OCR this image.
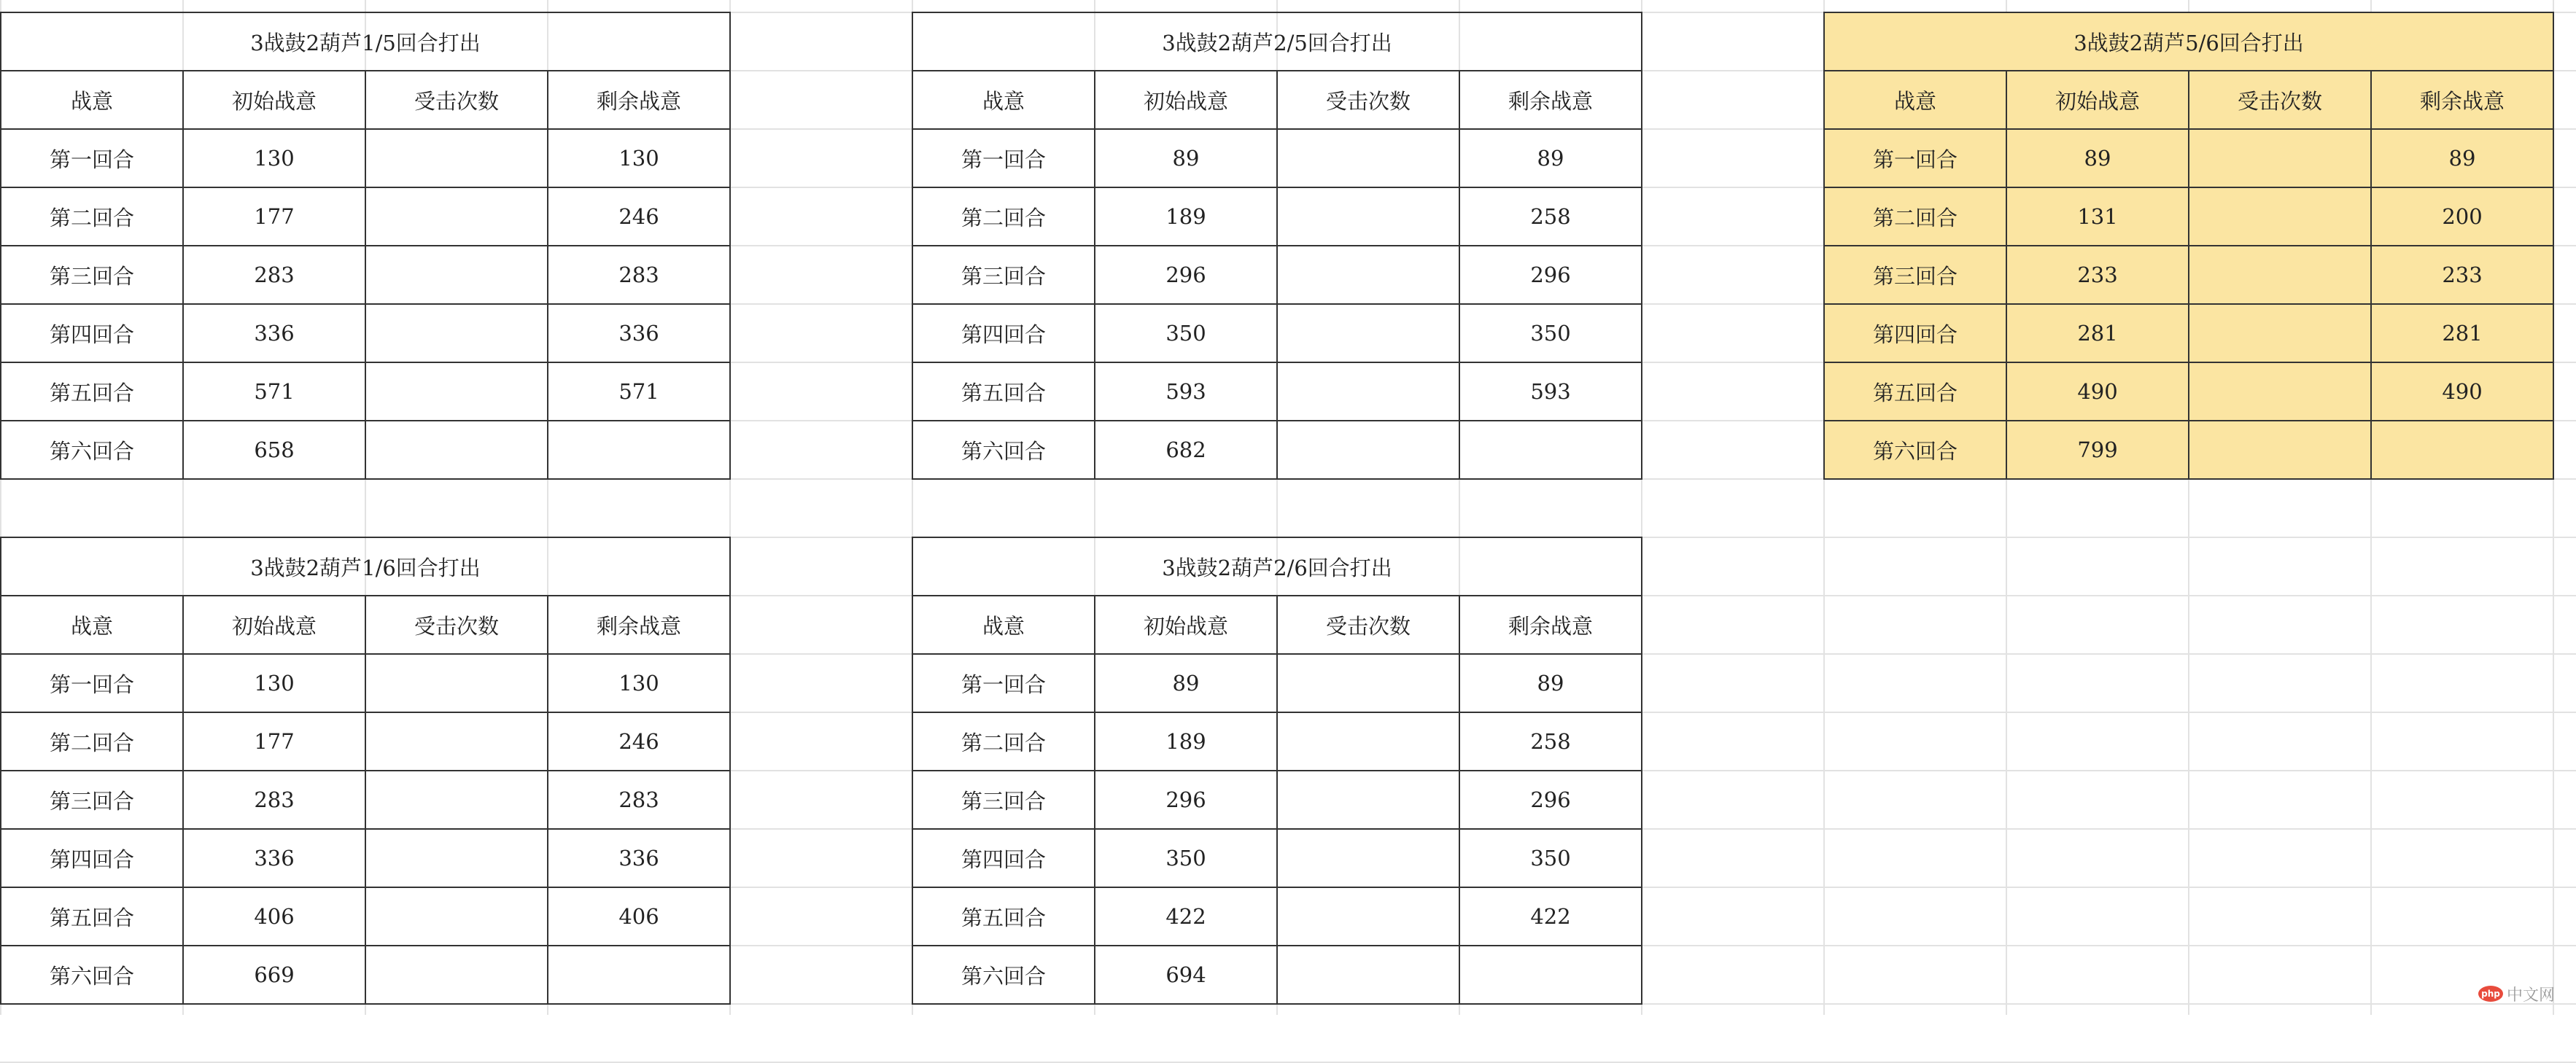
3战鼓2葫芦1/5回合打出			
战意	初始战意	受击次数	剩余战意
第一回合	130		130
第二回合	177		246
第三回合	283		283
第四回合	336		336
第五回合	571		571
第六回合	658		
3战鼓2葫芦2/5回合打出			
战意	初始战意	受击次数	剩余战意
第一回合	89		89
第二回合	189		258
第三回合	296		296
第四回合	350		350
第五回合	593		593
第六回合	682		
3战鼓2葫芦5/6回合打出			
战意	初始战意	受击次数	剩余战意
第一回合	89		89
第二回合	131		200
第三回合	233		233
第四回合	281		281
第五回合	490		490
第六回合	799		
3战鼓2葫芦1/6回合打出			
战意	初始战意	受击次数	剩余战意
第一回合	130		130
第二回合	177		246
第三回合	283		283
第四回合	336		336
第五回合	406		406
第六回合	669		
3战鼓2葫芦2/6回合打出			
战意	初始战意	受击次数	剩余战意
第一回合	89		89
第二回合	189		258
第三回合	296		296
第四回合	350		350
第五回合	422		422
第六回合	694		
php 中文网
